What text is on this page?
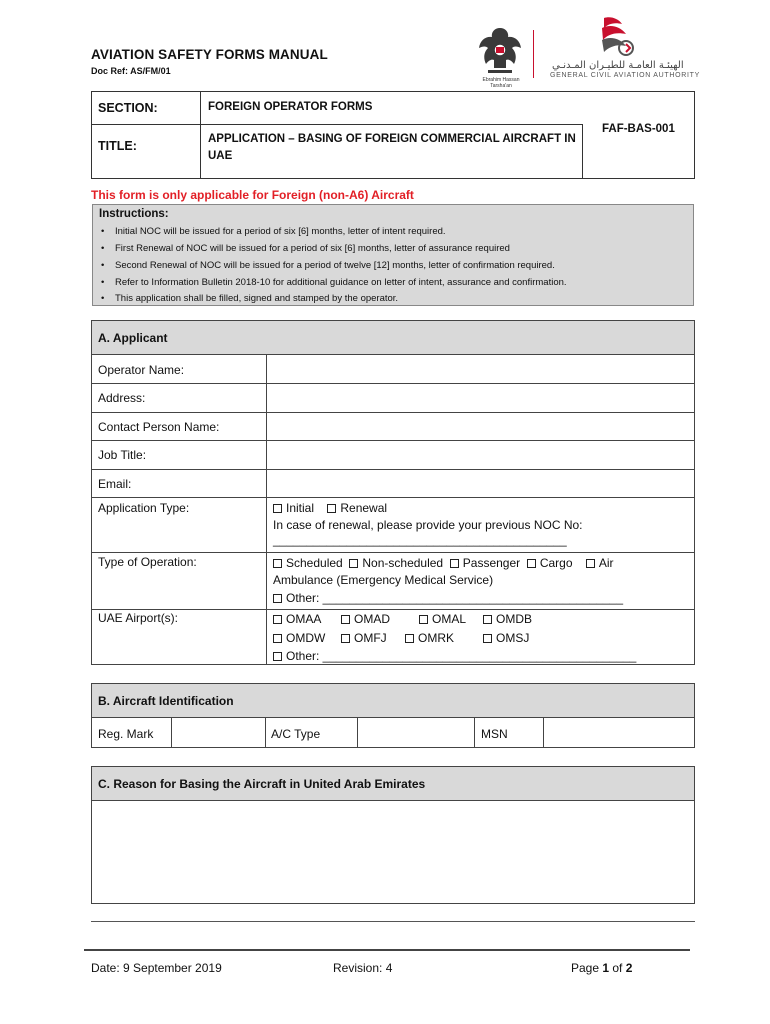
AVIATION SAFETY FORMS MANUAL
Doc Ref: AS/FM/01
Ebrahim Hassan Tarsha'an
الهيئـة العامـة للطيـران المـدنـي
GENERAL CIVIL AVIATION AUTHORITY
SECTION:	FOREIGN OPERATOR FORMS
TITLE:	APPLICATION – BASING OF FOREIGN COMMERCIAL AIRCRAFT IN
UAE
FAF-BAS-001
This form is only applicable for Foreign (non-A6) Aircraft
Instructions:
• Initial NOC will be issued for a period of six [6] months, letter of intent required.
• First Renewal of NOC will be issued for a period of six [6] months, letter of assurance required
• Second Renewal of NOC will be issued for a period of twelve [12] months, letter of confirmation required.
• Refer to Information Bulletin 2018-10 for additional guidance on letter of intent, assurance and confirmation.
• This application shall be filled, signed and stamped by the operator.
A. Applicant
Operator Name:
Address:
Contact Person Name:
Job Title:
Email:
Application Type:	Initial Renewal
In case of renewal, please provide your previous NOC No:
____________________________________________
Type of Operation:	Scheduled Non-scheduled Passenger Cargo Air
Ambulance (Emergency Medical Service)
Other: _____________________________________________
UAE Airport(s):	OMAA	OMAD	OMAL OMDB
OMDW OMFJ	OMRK	OMSJ
Other: _______________________________________________
B. Aircraft Identification
Reg. Mark	A/C Type	MSN
C. Reason for Basing the Aircraft in United Arab Emirates
Date: 9 September 2019	Revision: 4	Page 1 of 2
